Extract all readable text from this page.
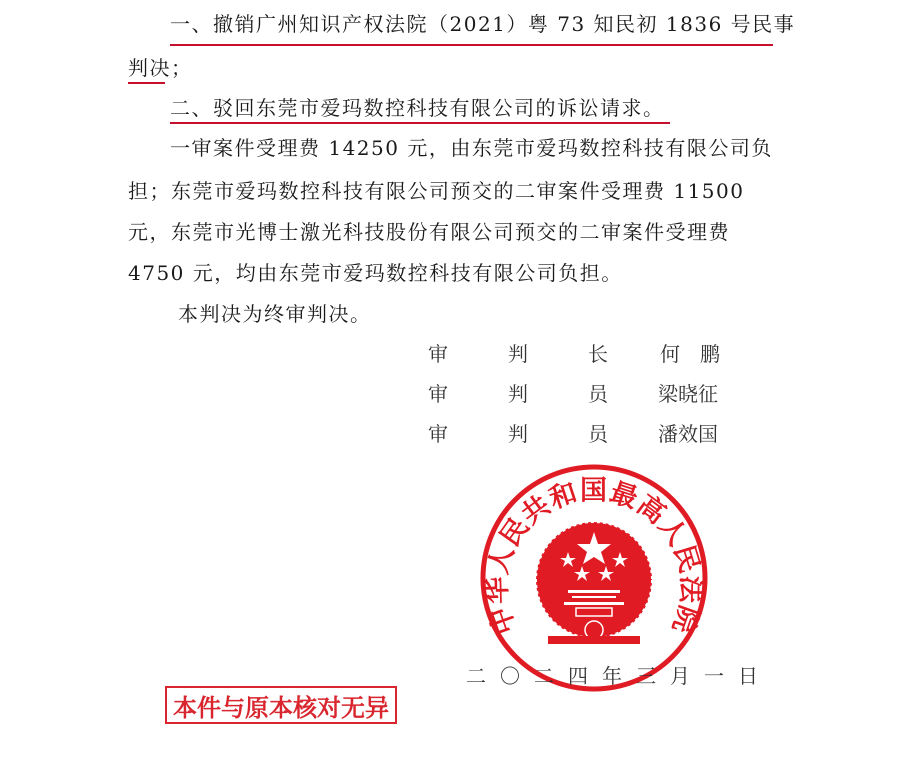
一、撤销广州知识产权法院（2021）粤 73 知民初 1836 号民事
判决；
二、驳回东莞市爱玛数控科技有限公司的诉讼请求。
一审案件受理费 14250 元，由东莞市爱玛数控科技有限公司负
担；东莞市爱玛数控科技有限公司预交的二审案件受理费 11500
元，东莞市光博士激光科技股份有限公司预交的二审案件受理费
4750 元，均由东莞市爱玛数控科技有限公司负担。
本判决为终审判决。
审　　　判　　　长	何　鹏
审　　　判　　　员	梁晓征
审　　　判　　　员	潘效国
中华人民共和国最高人民法院
二〇二四年三月一日
本件与原本核对无异
